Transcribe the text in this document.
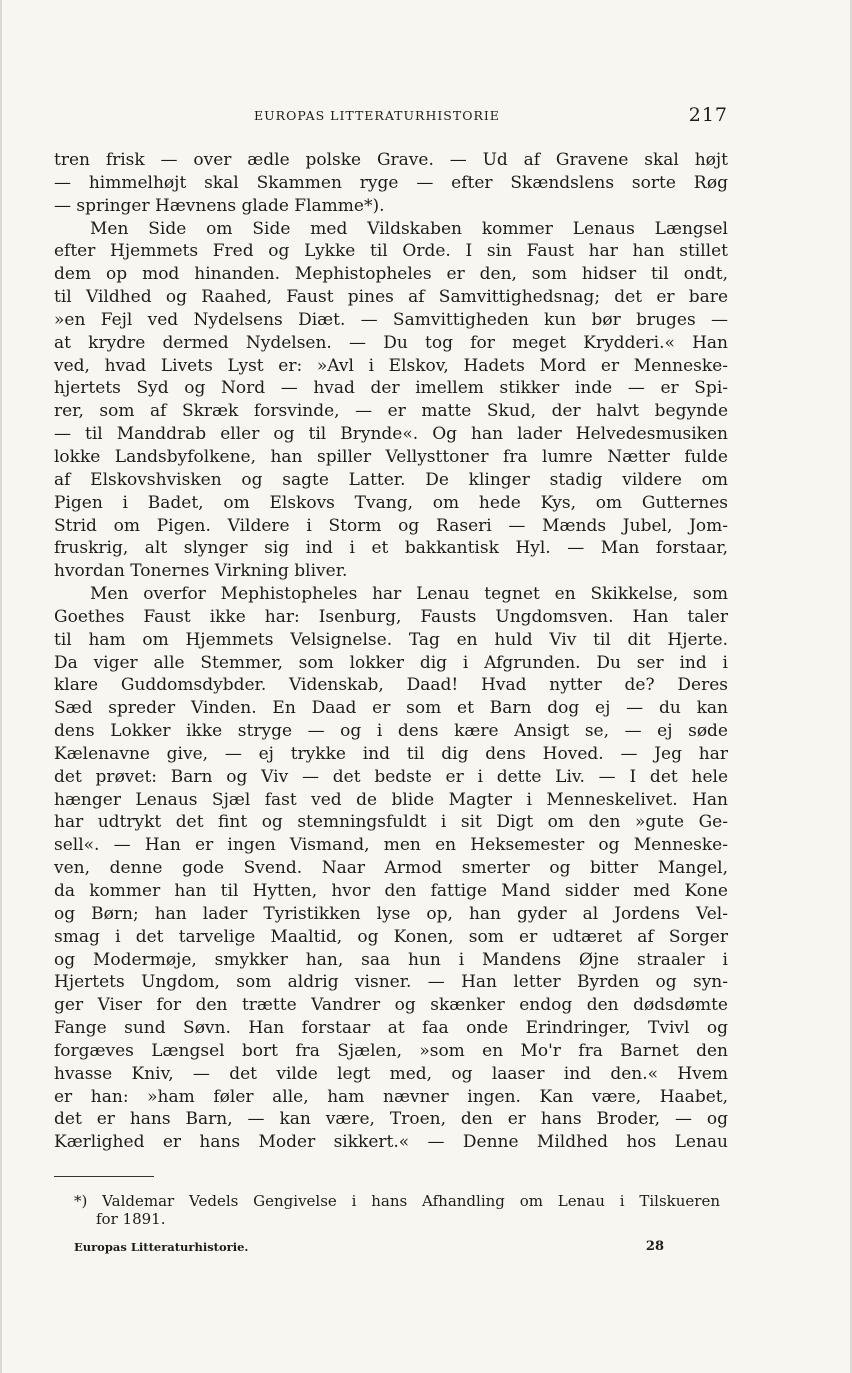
EUROPAS LITTERATURHISTORIE	217
tren frisk — over ædle polske Grave. — Ud af Gravene skal højt
— himmelhøjt skal Skammen ryge — efter Skændslens sorte Røg
— springer Hævnens glade Flamme*).
Men Side om Side med Vildskaben kommer Lenaus Længsel
efter Hjemmets Fred og Lykke til Orde. I sin Faust har han stillet
dem op mod hinanden. Mephistopheles er den, som hidser til ondt,
til Vildhed og Raahed, Faust pines af Samvittighedsnag; det er bare
»en Fejl ved Nydelsens Diæt. — Samvittigheden kun bør bruges —
at krydre dermed Nydelsen. — Du tog for meget Krydderi.« Han
ved, hvad Livets Lyst er: »Avl i Elskov, Hadets Mord er Menneske-
hjertets Syd og Nord — hvad der imellem stikker inde — er Spi-
rer, som af Skræk forsvinde, — er matte Skud, der halvt begynde
— til Manddrab eller og til Brynde«. Og han lader Helvedesmusiken
lokke Landsbyfolkene, han spiller Vellysttoner fra lumre Nætter fulde
af Elskovshvisken og sagte Latter. De klinger stadig vildere om
Pigen i Badet, om Elskovs Tvang, om hede Kys, om Gutternes
Strid om Pigen. Vildere i Storm og Raseri — Mænds Jubel, Jom-
fruskrig, alt slynger sig ind i et bakkantisk Hyl. — Man forstaar,
hvordan Tonernes Virkning bliver.
Men overfor Mephistopheles har Lenau tegnet en Skikkelse, som
Goethes Faust ikke har: Isenburg, Fausts Ungdomsven. Han taler
til ham om Hjemmets Velsignelse. Tag en huld Viv til dit Hjerte.
Da viger alle Stemmer, som lokker dig i Afgrunden. Du ser ind i
klare Guddomsdybder. Videnskab, Daad! Hvad nytter de? Deres
Sæd spreder Vinden. En Daad er som et Barn dog ej — du kan
dens Lokker ikke stryge — og i dens kære Ansigt se, — ej søde
Kælenavne give, — ej trykke ind til dig dens Hoved. — Jeg har
det prøvet: Barn og Viv — det bedste er i dette Liv. — I det hele
hænger Lenaus Sjæl fast ved de blide Magter i Menneskelivet. Han
har udtrykt det fint og stemningsfuldt i sit Digt om den »gute Ge-
sell«. — Han er ingen Vismand, men en Heksemester og Menneske-
ven, denne gode Svend. Naar Armod smerter og bitter Mangel,
da kommer han til Hytten, hvor den fattige Mand sidder med Kone
og Børn; han lader Tyristikken lyse op, han gyder al Jordens Vel-
smag i det tarvelige Maaltid, og Konen, som er udtæret af Sorger
og Modermøje, smykker han, saa hun i Mandens Øjne straaler i
Hjertets Ungdom, som aldrig visner. — Han letter Byrden og syn-
ger Viser for den trætte Vandrer og skænker endog den dødsdømte
Fange sund Søvn. Han forstaar at faa onde Erindringer, Tvivl og
forgæves Længsel bort fra Sjælen, »som en Mo'r fra Barnet den
hvasse Kniv, — det vilde legt med, og laaser ind den.« Hvem
er han: »ham føler alle, ham nævner ingen. Kan være, Haabet,
det er hans Barn, — kan være, Troen, den er hans Broder, — og
Kærlighed er hans Moder sikkert.« — Denne Mildhed hos Lenau
*) Valdemar Vedels Gengivelse i hans Afhandling om Lenau i Tilskueren
for 1891.
Europas Litteraturhistorie.	28
